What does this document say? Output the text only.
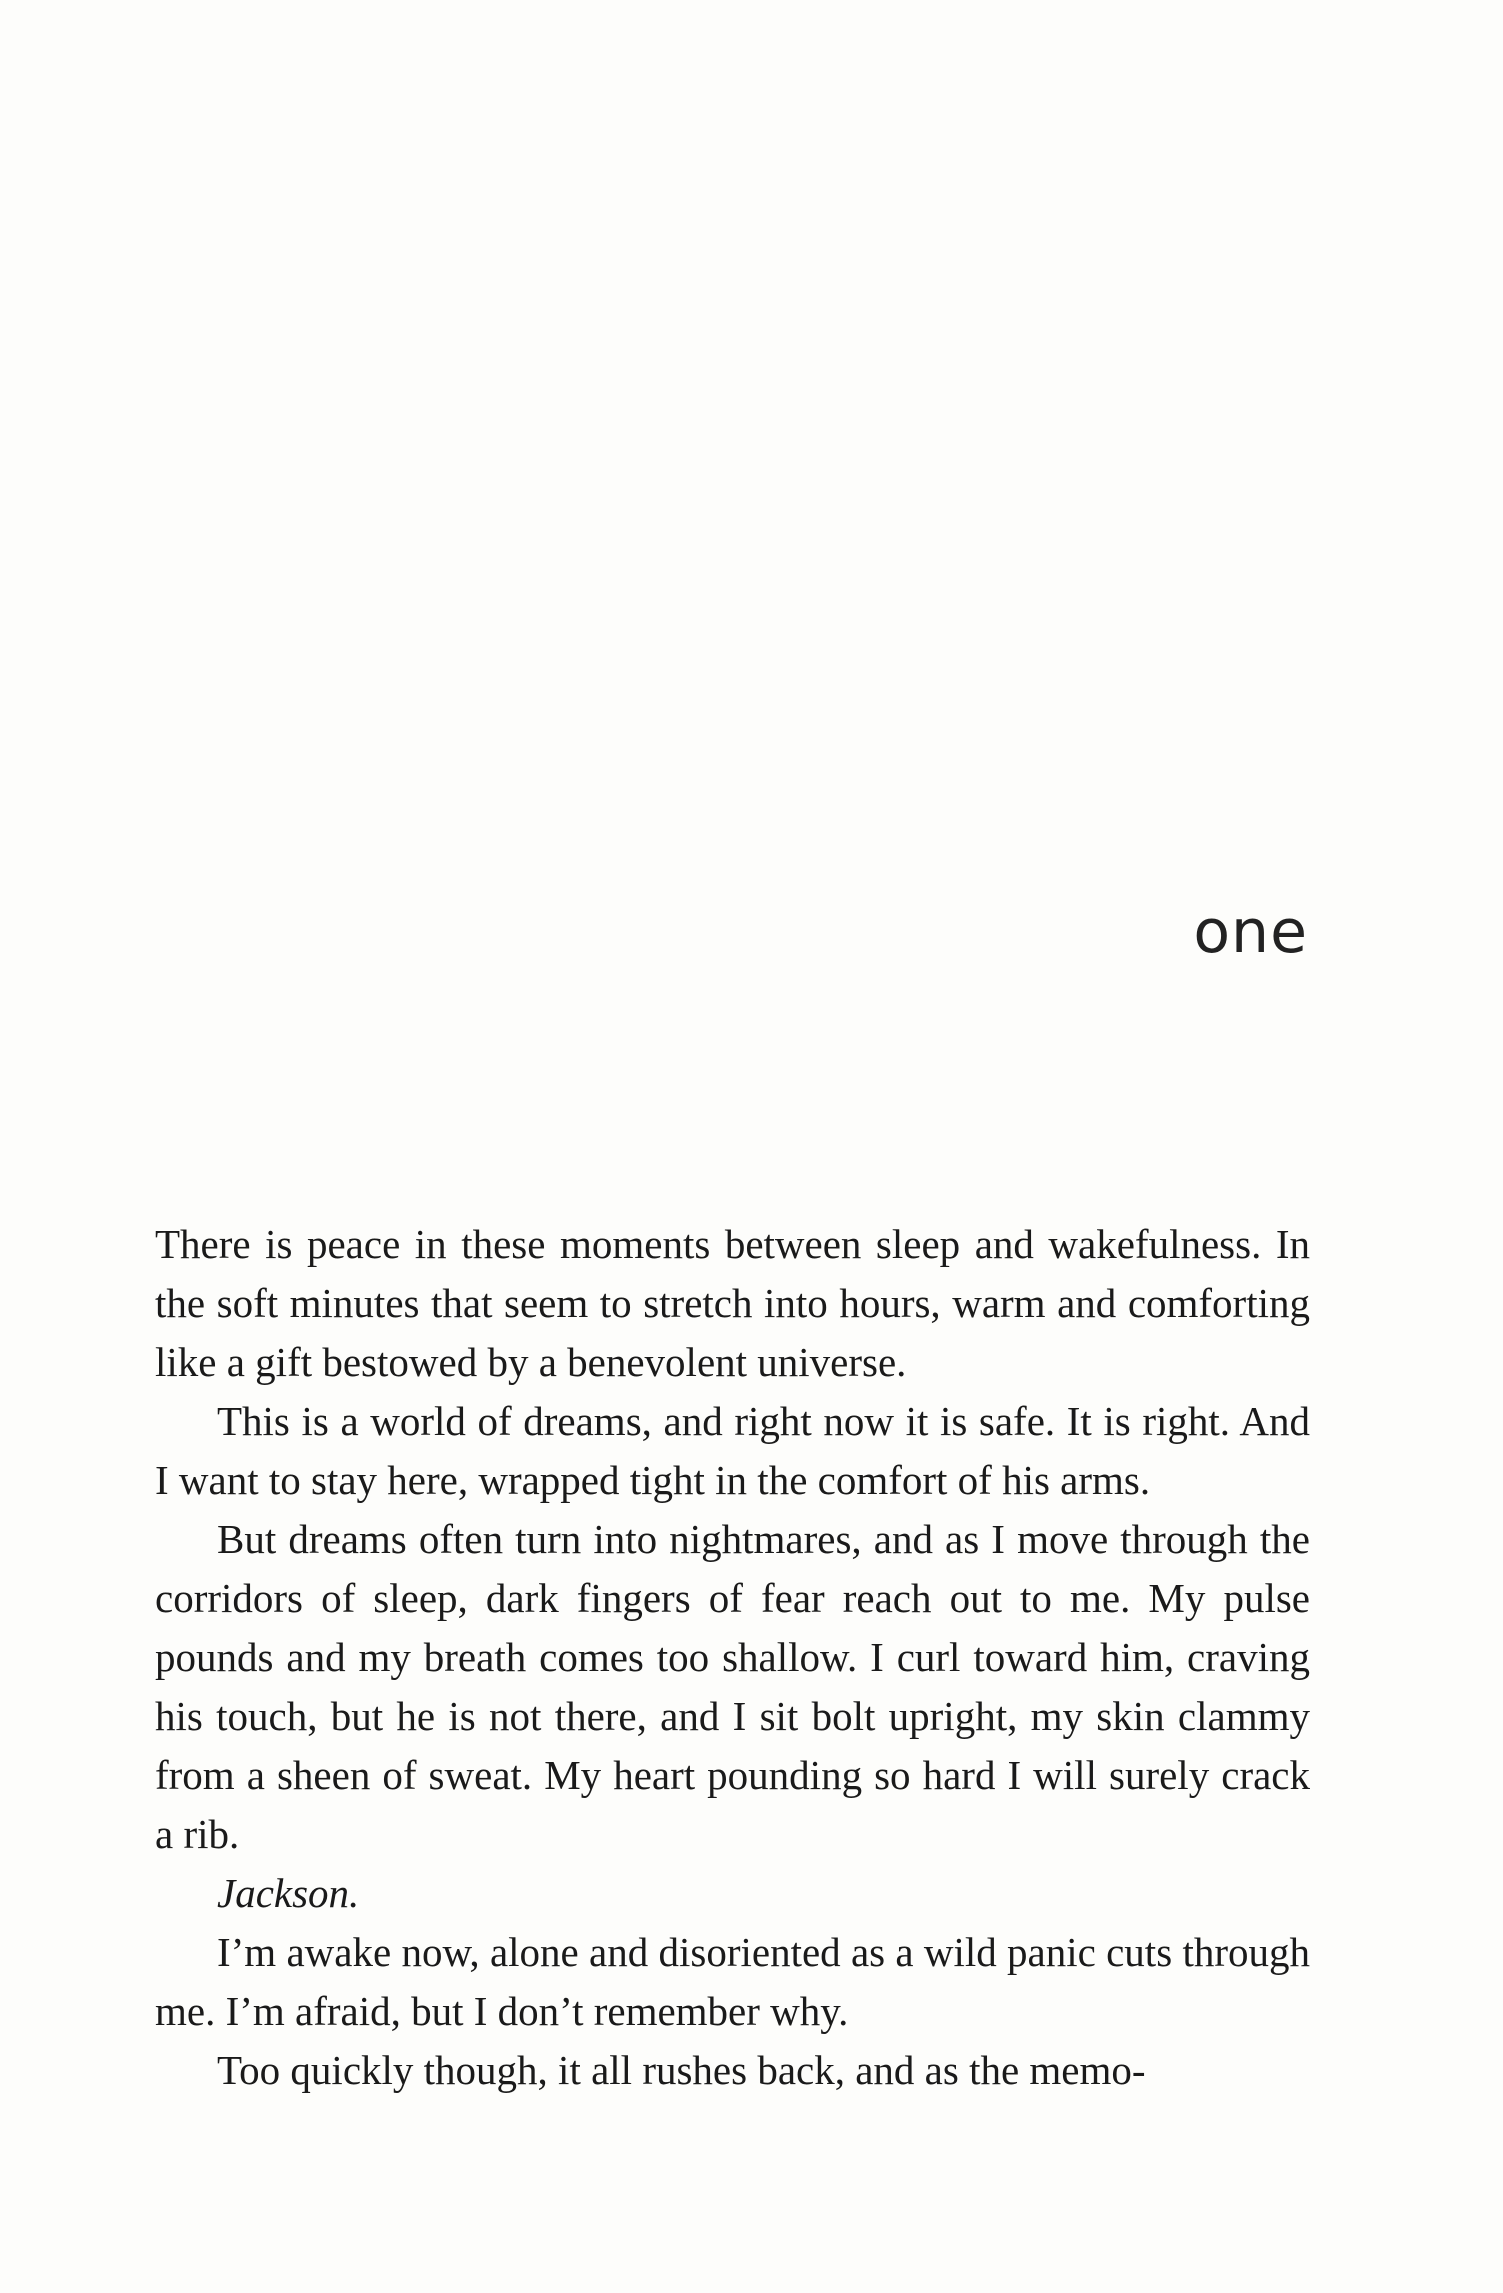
one

There is peace in these moments between sleep and wakefulness. In the soft minutes that seem to stretch into hours, warm and comforting like a gift bestowed by a benevolent universe.

This is a world of dreams, and right now it is safe. It is right. And I want to stay here, wrapped tight in the comfort of his arms.

But dreams often turn into nightmares, and as I move through the corridors of sleep, dark fingers of fear reach out to me. My pulse pounds and my breath comes too shallow. I curl toward him, craving his touch, but he is not there, and I sit bolt upright, my skin clammy from a sheen of sweat. My heart pounding so hard I will surely crack a rib.

Jackson.

I’m awake now, alone and disoriented as a wild panic cuts through me. I’m afraid, but I don’t remember why.

Too quickly though, it all rushes back, and as the memo-
